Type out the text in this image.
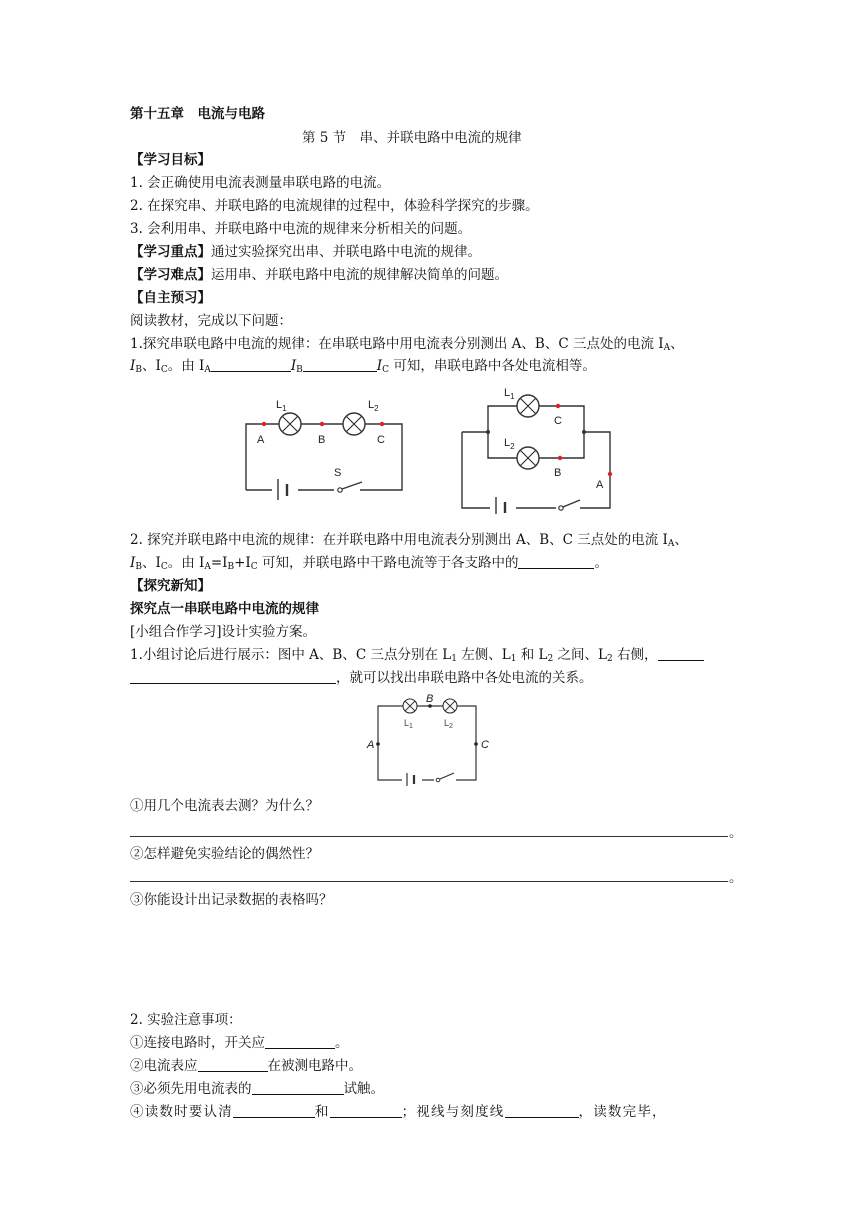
第十五章　电流与电路
第 5 节　串、并联电路中电流的规律
【学习目标】
1. 会正确使用电流表测量串联电路的电流。
2. 在探究串、并联电路的电流规律的过程中，体验科学探究的步骤。
3. 会利用串、并联电路中电流的规律来分析相关的问题。
【学习重点】通过实验探究出串、并联电路中电流的规律。
【学习难点】运用串、并联电路中电流的规律解决简单的问题。
【自主预习】
阅读教材，完成以下问题：
1.探究串联电路中电流的规律：在串联电路中用电流表分别测出 A、B、C 三点处的电流 $I_A$、
$I_B$、$I_C$。由 $I_A$	$I_B$	$I_C$ 可知，串联电路中各处电流相等。
$L_1$	$L_2$
A	B	C
S
$L_1$
$L_2$
C
B
A
2. 探究并联电路中电流的规律：在并联电路中用电流表分别测出 A、B、C 三点处的电流 $I_A$、
$I_B$、$I_C$。由 $I_A=I_B+I_C$ 可知，并联电路中干路电流等于各支路中的	。
【探究新知】
探究点一串联电路中电流的规律
[小组合作学习]设计实验方案。
1.小组讨论后进行展示：图中 A、B、C 三点分别在 $L_1$ 左侧、$L_1$ 和 $L_2$ 之间、$L_2$ 右侧，
，就可以找出串联电路中各处电流的关系。
B
A	C
$L_1$	$L_2$
①用几个电流表去测？为什么？
。
②怎样避免实验结论的偶然性？
。
③你能设计出记录数据的表格吗？
2. 实验注意事项：
①连接电路时，开关应	。
②电流表应	在被测电路中。
③必须先用电流表的	试触。
④读数时要认清	和	；视线与刻度线	，读数完毕，
